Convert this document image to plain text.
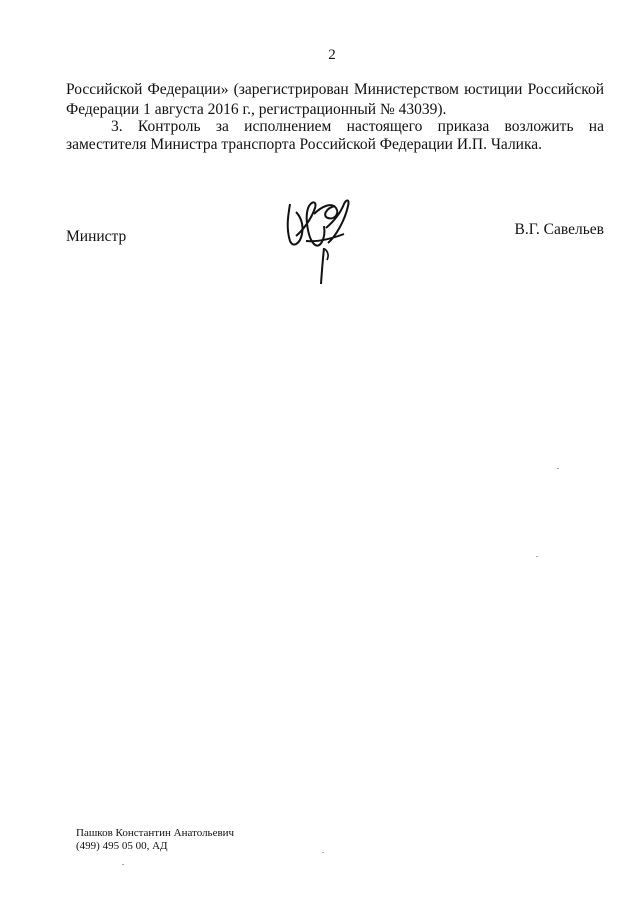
2
Российской Федерации» (зарегистрирован Министерством юстиции Российской
Федерации 1 августа 2016 г., регистрационный № 43039).
3. Контроль за исполнением настоящего приказа возложить на
заместителя Министра транспорта Российской Федерации И.П. Чалика.
Министр	В.Г. Савельев
Пашков Константин Анатольевич
(499) 495 05 00, АД
